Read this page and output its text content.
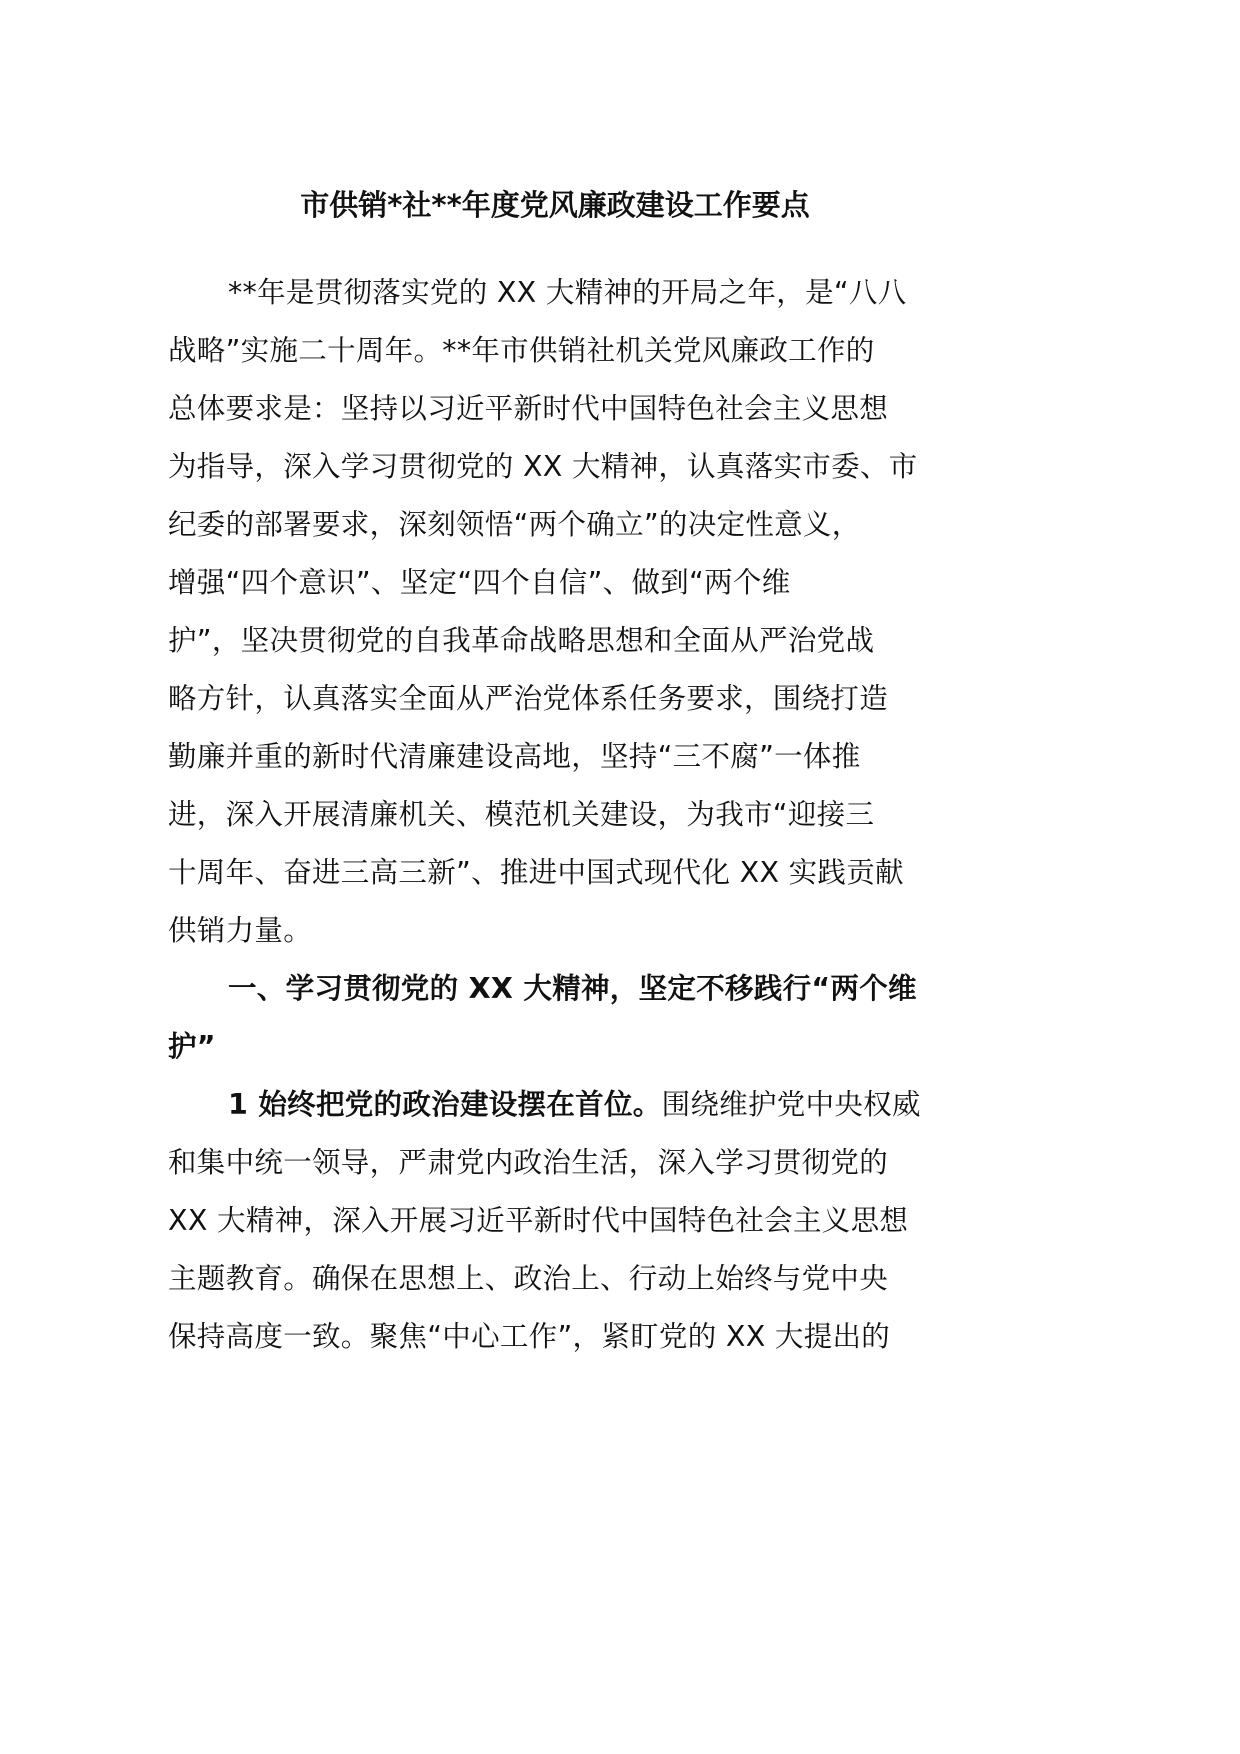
市供销*社**年度党风廉政建设工作要点
**年是贯彻落实党的 XX 大精神的开局之年，是“八八
战略”实施二十周年。**年市供销社机关党风廉政工作的
总体要求是：坚持以习近平新时代中国特色社会主义思想
为指导，深入学习贯彻党的 XX 大精神，认真落实市委、市
纪委的部署要求，深刻领悟“两个确立”的决定性意义，
增强“四个意识”、坚定“四个自信”、做到“两个维
护”，坚决贯彻党的自我革命战略思想和全面从严治党战
略方针，认真落实全面从严治党体系任务要求，围绕打造
勤廉并重的新时代清廉建设高地，坚持“三不腐”一体推
进，深入开展清廉机关、模范机关建设，为我市“迎接三
十周年、奋进三高三新”、推进中国式现代化 XX 实践贡献
供销力量。
一、学习贯彻党的 XX 大精神，坚定不移践行“两个维
护”
1 始终把党的政治建设摆在首位。围绕维护党中央权威
和集中统一领导，严肃党内政治生活，深入学习贯彻党的
XX 大精神，深入开展习近平新时代中国特色社会主义思想
主题教育。确保在思想上、政治上、行动上始终与党中央
保持高度一致。聚焦“中心工作”，紧盯党的 XX 大提出的
